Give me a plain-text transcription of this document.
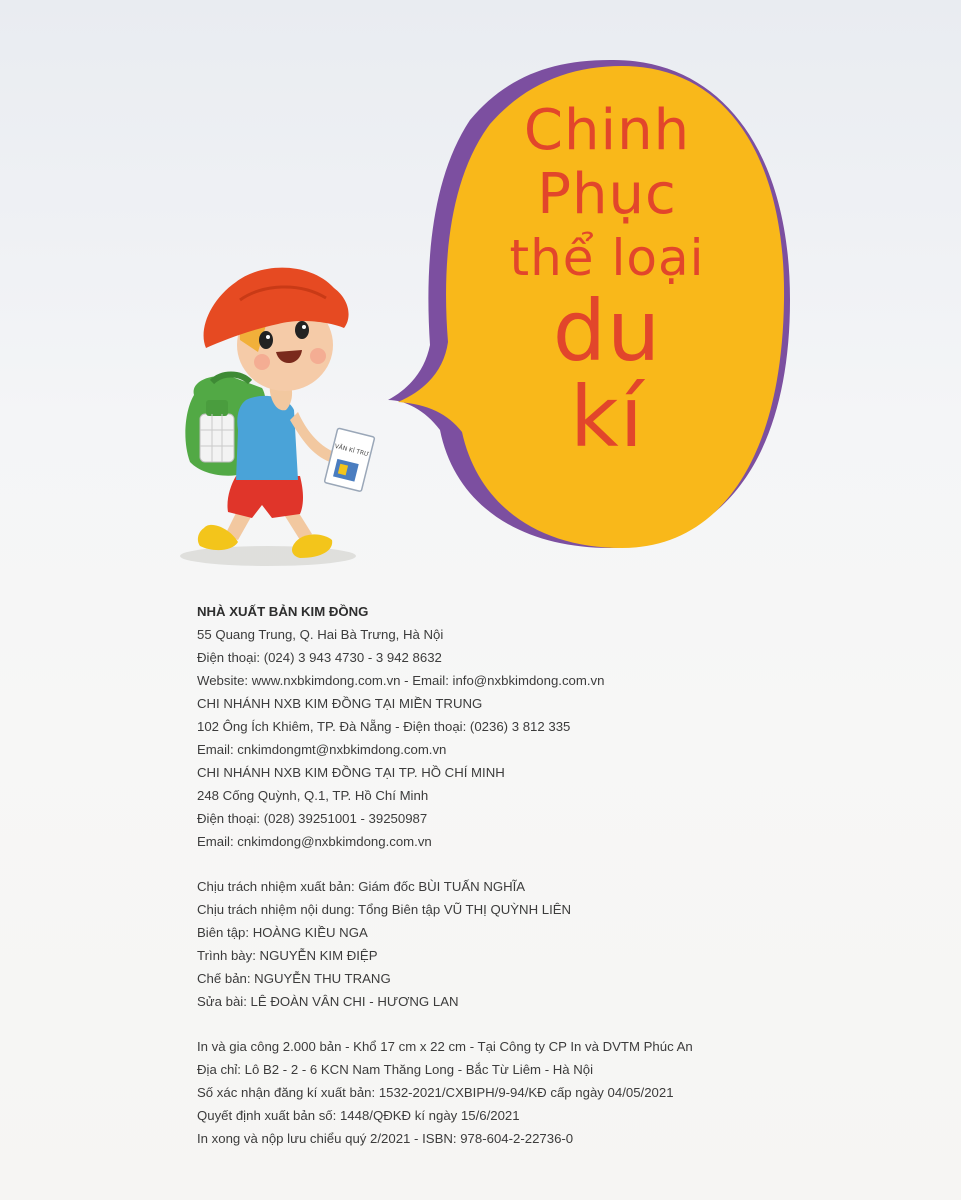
VĂN KÍ TRƯ
Chinh
Phục
thể loại
du
kí
NHÀ XUẤT BẢN KIM ĐỒNG
55 Quang Trung, Q. Hai Bà Trưng, Hà Nội
Điện thoại: (024) 3 943 4730 - 3 942 8632
Website: www.nxbkimdong.com.vn - Email: info@nxbkimdong.com.vn
CHI NHÁNH NXB KIM ĐỒNG TẠI MIỀN TRUNG
102 Ông Ích Khiêm, TP. Đà Nẵng - Điện thoại: (0236) 3 812 335
Email: cnkimdongmt@nxbkimdong.com.vn
CHI NHÁNH NXB KIM ĐỒNG TẠI TP. HỒ CHÍ MINH
248 Cống Quỳnh, Q.1, TP. Hồ Chí Minh
Điện thoại: (028) 39251001 - 39250987
Email: cnkimdong@nxbkimdong.com.vn
Chịu trách nhiệm xuất bản: Giám đốc BÙI TUẤN NGHĨA
Chịu trách nhiệm nội dung: Tổng Biên tập VŨ THỊ QUỲNH LIÊN
Biên tập: HOÀNG KIỀU NGA
Trình bày: NGUYỄN KIM ĐIỆP
Chế bản: NGUYỄN THU TRANG
Sửa bài: LÊ ĐOÀN VÂN CHI - HƯƠNG LAN
In và gia công 2.000 bản - Khổ 17 cm x 22 cm - Tại Công ty CP In và DVTM Phúc An
Địa chỉ: Lô B2 - 2 - 6 KCN Nam Thăng Long - Bắc Từ Liêm - Hà Nội
Số xác nhận đăng kí xuất bản: 1532-2021/CXBIPH/9-94/KĐ cấp ngày 04/05/2021
Quyết định xuất bản số: 1448/QĐKĐ kí ngày 15/6/2021
In xong và nộp lưu chiểu quý 2/2021 - ISBN: 978-604-2-22736-0
